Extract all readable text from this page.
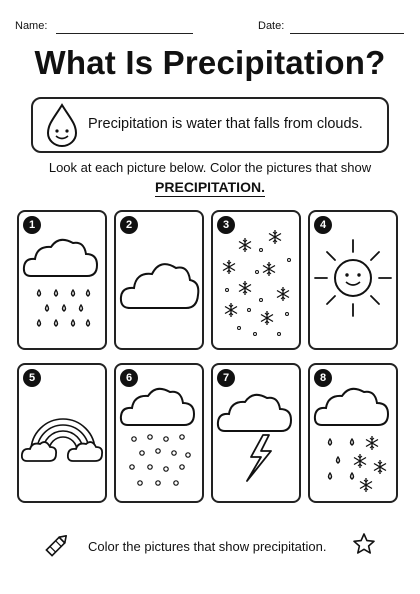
Name:	Date:
What Is Precipitation?
Precipitation is water that falls from clouds.
Look at each picture below. Color the pictures that show
PRECIPITATION.
1	2	3	4
5	6	7	8
Color the pictures that show precipitation.
